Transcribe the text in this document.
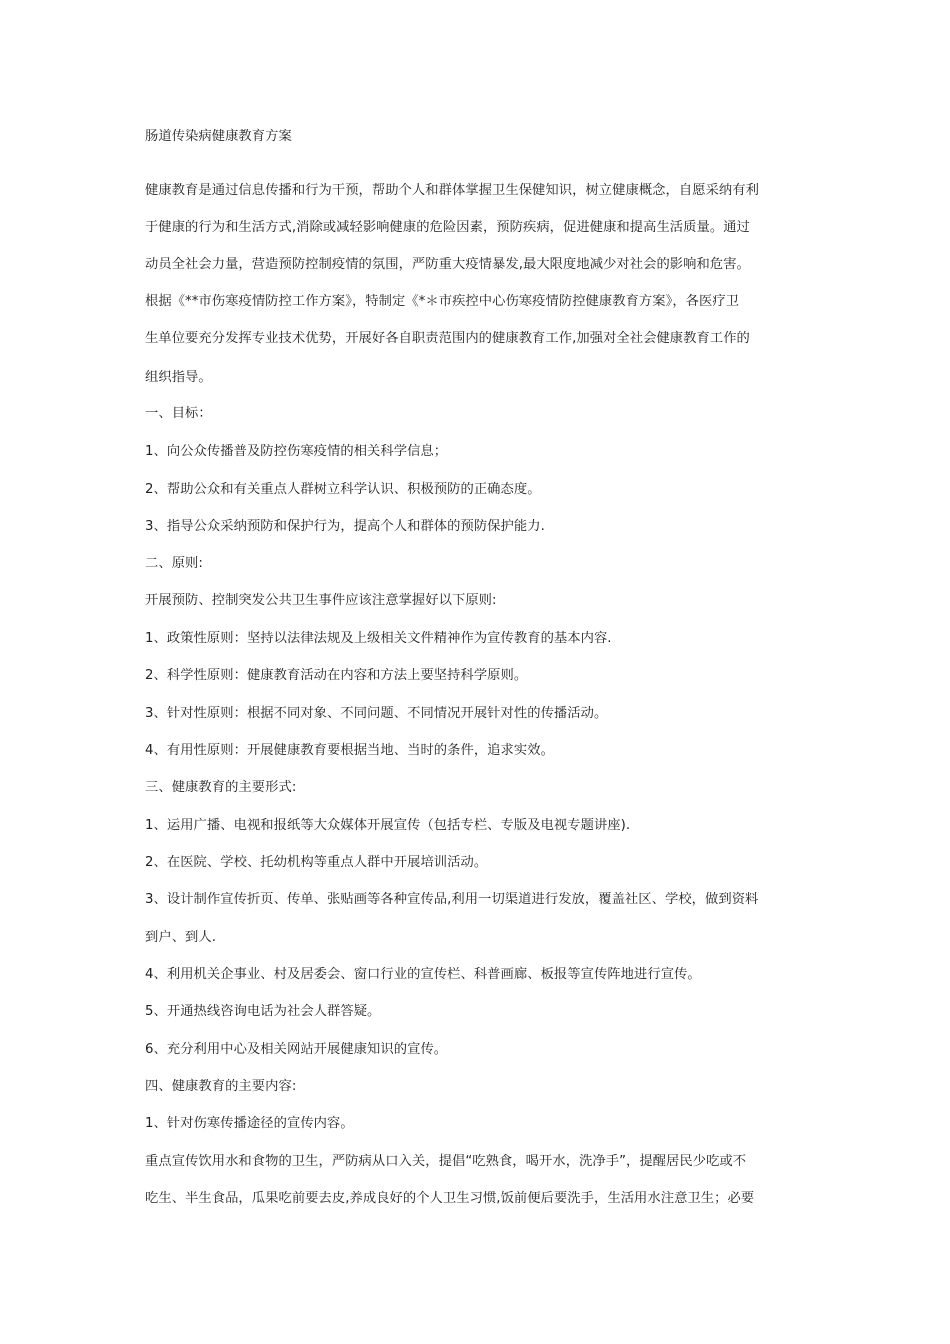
肠道传染病健康教育方案
健康教育是通过信息传播和行为干预，帮助个人和群体掌握卫生保健知识，树立健康概念，自愿采纳有利
于健康的行为和生活方式,消除或减轻影响健康的危险因素，预防疾病，促进健康和提高生活质量。通过
动员全社会力量，营造预防控制疫情的氛围，严防重大疫情暴发,最大限度地减少对社会的影响和危害。
根据《**市伤寒疫情防控工作方案》，特制定《*＊市疾控中心伤寒疫情防控健康教育方案》，各医疗卫
生单位要充分发挥专业技术优势，开展好各自职责范围内的健康教育工作,加强对全社会健康教育工作的
组织指导。
一、目标：
1、向公众传播普及防控伤寒疫情的相关科学信息；
2、帮助公众和有关重点人群树立科学认识、积极预防的正确态度。
3、指导公众采纳预防和保护行为，提高个人和群体的预防保护能力.
二、原则:
开展预防、控制突发公共卫生事件应该注意掌握好以下原则:
1、政策性原则：坚持以法律法规及上级相关文件精神作为宣传教育的基本内容.
2、科学性原则：健康教育活动在内容和方法上要坚持科学原则。
3、针对性原则：根据不同对象、不同问题、不同情况开展针对性的传播活动。
4、有用性原则：开展健康教育要根据当地、当时的条件，追求实效。
三、健康教育的主要形式:
1、运用广播、电视和报纸等大众媒体开展宣传（包括专栏、专版及电视专题讲座).
2、在医院、学校、托幼机构等重点人群中开展培训活动。
3、设计制作宣传折页、传单、张贴画等各种宣传品,利用一切渠道进行发放，覆盖社区、学校，做到资料
到户、到人.
4、利用机关企事业、村及居委会、窗口行业的宣传栏、科普画廊、板报等宣传阵地进行宣传。
5、开通热线咨询电话为社会人群答疑。
6、充分利用中心及相关网站开展健康知识的宣传。
四、健康教育的主要内容:
1、针对伤寒传播途径的宣传内容。
重点宣传饮用水和食物的卫生，严防病从口入关，提倡“吃熟食，喝开水，洗净手”，提醒居民少吃或不
吃生、半生食品，瓜果吃前要去皮,养成良好的个人卫生习惯,饭前便后要洗手，生活用水注意卫生；必要
